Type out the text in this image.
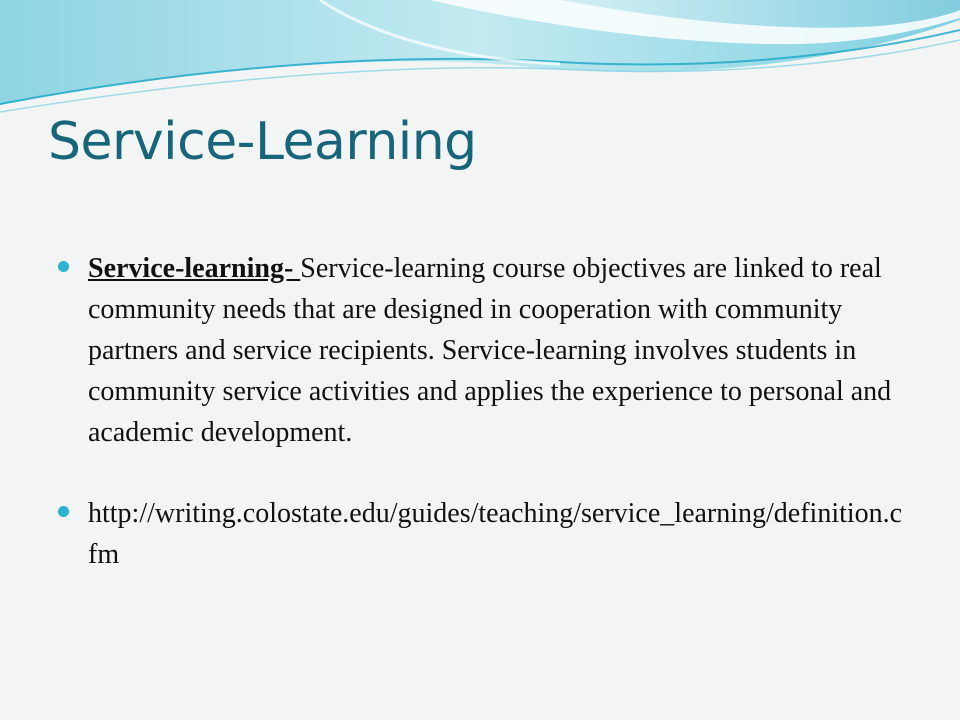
Service-Learning
Service-learning- Service-learning course objectives are linked to real community needs that are designed in cooperation with community partners and service recipients. Service-learning involves students in community service activities and applies the experience to personal and academic development.
http://writing.colostate.edu/guides/teaching/service_learning/definition.cfm
